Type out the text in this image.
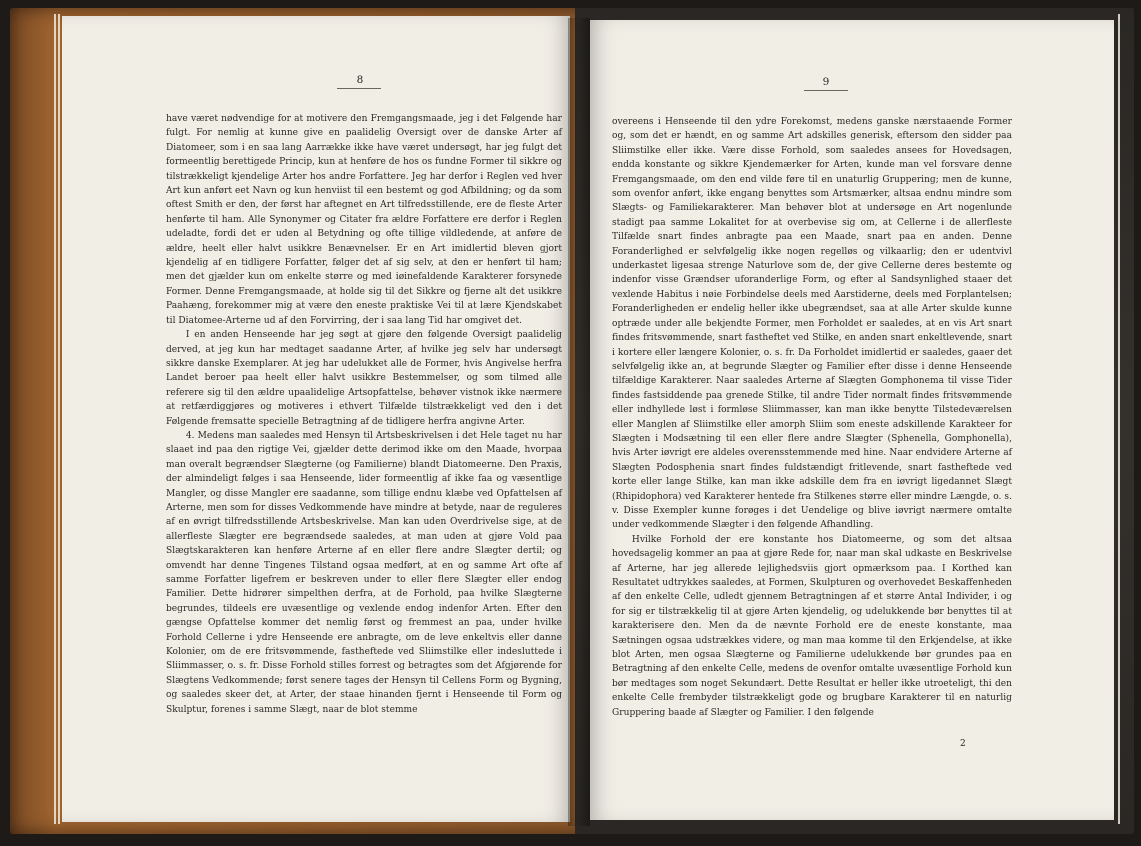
8

have været nødvendige for at motivere den Fremgangsmaade, jeg i det Følgende har fulgt. For nemlig at kunne give en paalidelig Oversigt over de danske Arter af Diatomeer, som i en saa lang Aarrække ikke have været undersøgt, har jeg fulgt det formeentlig berettigede Princip, kun at henføre de hos os fundne Former til sikkre og tilstrækkeligt kjendelige Arter hos andre Forfattere. Jeg har derfor i Reglen ved hver Art kun anført eet Navn og kun henviist til een bestemt og god Afbildning; og da som oftest Smith er den, der først har aftegnet en Art tilfredsstillende, ere de fleste Arter henførte til ham. Alle Synonymer og Citater fra ældre Forfattere ere derfor i Reglen udeladte, fordi det er uden al Betydning og ofte tillige vildledende, at anføre de ældre, heelt eller halvt usikkre Benævnelser. Er en Art imidlertid bleven gjort kjendelig af en tidligere Forfatter, følger det af sig selv, at den er henført til ham; men det gjælder kun om enkelte større og med iøinefaldende Karakterer forsynede Former. Denne Fremgangsmaade, at holde sig til det Sikkre og fjerne alt det usikkre Paahæng, forekommer mig at være den eneste praktiske Vei til at lære Kjendskabet til Diatomee-Arterne ud af den Forvirring, der i saa lang Tid har omgivet det.

I en anden Henseende har jeg søgt at gjøre den følgende Oversigt paalidelig derved, at jeg kun har medtaget saadanne Arter, af hvilke jeg selv har undersøgt sikkre danske Exemplarer. At jeg har udelukket alle de Former, hvis Angivelse herfra Landet beroer paa heelt eller halvt usikkre Bestemmelser, og som tilmed alle referere sig til den ældre upaalidelige Artsopfattelse, behøver vistnok ikke nærmere at retfærdiggjøres og motiveres i ethvert Tilfælde tilstrækkeligt ved den i det Følgende fremsatte specielle Betragtning af de tidligere herfra angivne Arter.

4. Medens man saaledes med Hensyn til Artsbeskrivelsen i det Hele taget nu har slaaet ind paa den rigtige Vei, gjælder dette derimod ikke om den Maade, hvorpaa man overalt begrændser Slægterne (og Familierne) blandt Diatomeerne. Den Praxis, der almindeligt følges i saa Henseende, lider formeentlig af ikke faa og væsentlige Mangler, og disse Mangler ere saadanne, som tillige endnu klæbe ved Opfattelsen af Arterne, men som for disses Vedkommende have mindre at betyde, naar de reguleres af en øvrigt tilfredsstillende Artsbeskrivelse. Man kan uden Overdrivelse sige, at de allerfleste Slægter ere begrændsede saaledes, at man uden at gjøre Vold paa Slægtskarakteren kan henføre Arterne af en eller flere andre Slægter dertil; og omvendt har denne Tingenes Tilstand ogsaa medført, at en og samme Art ofte af samme Forfatter ligefrem er beskreven under to eller flere Slægter eller endog Familier. Dette hidrører simpelthen derfra, at de Forhold, paa hvilke Slægterne begrundes, tildeels ere uvæsentlige og vexlende endog indenfor Arten. Efter den gængse Opfattelse kommer det nemlig først og fremmest an paa, under hvilke Forhold Cellerne i ydre Henseende ere anbragte, om de leve enkeltvis eller danne Kolonier, om de ere fritsvømmende, fastheftede ved Sliimstilke eller indesluttede i Sliimmasser, o. s. fr. Disse Forhold stilles forrest og betragtes som det Afgjørende for Slægtens Vedkommende; først senere tages der Hensyn til Cellens Form og Bygning, og saaledes skeer det, at Arter, der staae hinanden fjernt i Henseende til Form og Skulptur, forenes i samme Slægt, naar de blot stemme

9

overeens i Henseende til den ydre Forekomst, medens ganske nærstaaende Former og, som det er hændt, en og samme Art adskilles generisk, eftersom den sidder paa Sliimstilke eller ikke. Være disse Forhold, som saaledes ansees for Hovedsagen, endda konstante og sikkre Kjendemærker for Arten, kunde man vel forsvare denne Fremgangsmaade, om den end vilde føre til en unaturlig Gruppering; men de kunne, som ovenfor anført, ikke engang benyttes som Artsmærker, altsaa endnu mindre som Slægts- og Familiekarakterer. Man behøver blot at undersøge en Art nogenlunde stadigt paa samme Lokalitet for at overbevise sig om, at Cellerne i de allerfleste Tilfælde snart findes anbragte paa een Maade, snart paa en anden. Denne Foranderlighed er selvfølgelig ikke nogen regelløs og vilkaarlig; den er udentvivl underkastet ligesaa strenge Naturlove som de, der give Cellerne deres bestemte og indenfor visse Grændser uforanderlige Form, og efter al Sandsynlighed staaer det vexlende Habitus i nøie Forbindelse deels med Aarstiderne, deels med Forplantelsen; Foranderligheden er endelig heller ikke ubegrændset, saa at alle Arter skulde kunne optræde under alle bekjendte Former, men Forholdet er saaledes, at en vis Art snart findes fritsvømmende, snart fastheftet ved Stilke, en anden snart enkeltlevende, snart i kortere eller længere Kolonier, o. s. fr. Da Forholdet imidlertid er saaledes, gaaer det selvfølgelig ikke an, at begrunde Slægter og Familier efter disse i denne Henseende tilfældige Karakterer. Naar saaledes Arterne af Slægten Gomphonema til visse Tider findes fastsiddende paa grenede Stilke, til andre Tider normalt findes fritsvømmende eller indhyllede løst i formløse Sliimmasser, kan man ikke benytte Tilstedeværelsen eller Manglen af Sliimstilke eller amorph Sliim som eneste adskillende Karakteer for Slægten i Modsætning til een eller flere andre Slægter (Sphenella, Gomphonella), hvis Arter iøvrigt ere aldeles overensstemmende med hine. Naar endvidere Arterne af Slægten Podosphenia snart findes fuldstændigt fritlevende, snart fastheftede ved korte eller lange Stilke, kan man ikke adskille dem fra en iøvrigt ligedannet Slægt (Rhipidophora) ved Karakterer hentede fra Stilkenes større eller mindre Længde, o. s. v. Disse Exempler kunne forøges i det Uendelige og blive iøvrigt nærmere omtalte under vedkommende Slægter i den følgende Afhandling.

Hvilke Forhold der ere konstante hos Diatomeerne, og som det altsaa hovedsagelig kommer an paa at gjøre Rede for, naar man skal udkaste en Beskrivelse af Arterne, har jeg allerede lejlighedsviis gjort opmærksom paa. I Korthed kan Resultatet udtrykkes saaledes, at Formen, Skulpturen og overhovedet Beskaffenheden af den enkelte Celle, udledt gjennem Betragtningen af et større Antal Individer, i og for sig er tilstrækkelig til at gjøre Arten kjendelig, og udelukkende bør benyttes til at karakterisere den. Men da de nævnte Forhold ere de eneste konstante, maa Sætningen ogsaa udstrækkes videre, og man maa komme til den Erkjendelse, at ikke blot Arten, men ogsaa Slægterne og Familierne udelukkende bør grundes paa en Betragtning af den enkelte Celle, medens de ovenfor omtalte uvæsentlige Forhold kun bør medtages som noget Sekundært. Dette Resultat er heller ikke utroeteligt, thi den enkelte Celle frembyder tilstrækkeligt gode og brugbare Karakterer til en naturlig Gruppering baade af Slægter og Familier. I den følgende

2
